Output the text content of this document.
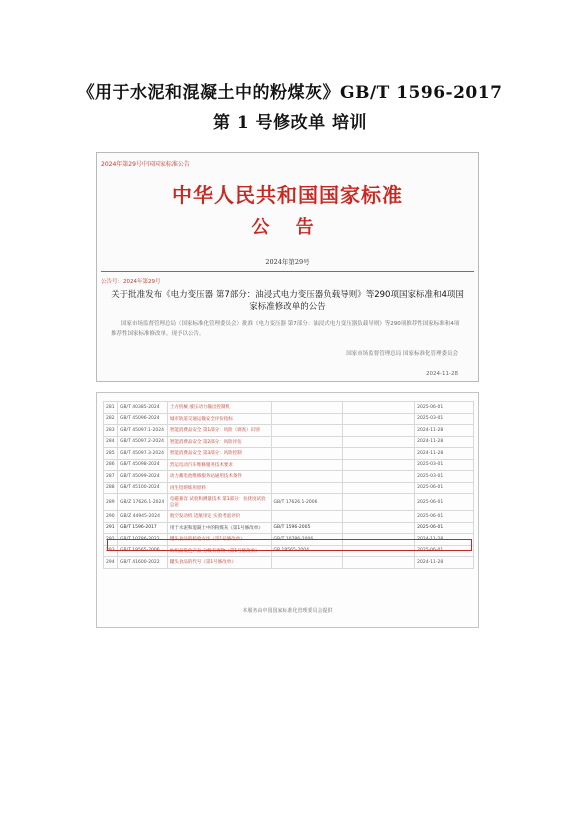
《用于水泥和混凝土中的粉煤灰》GB/T 1596-2017
第 1 号修改单 培训
2024年第29号中国国家标准公告
中华人民共和国国家标准
公 告
2024年第29号
公告号：2024年第29号
关于批准发布《电力变压器 第7部分：油浸式电力变压器负载导则》等290项国家标准和4项国家标准修改单的公告
国家市场监督管理总局（国家标准化管理委员会）批准《电力变压器 第7部分：油浸式电力变压器负载导则》等290项推荐性国家标准和4项推荐性国家标准修改单，现予以公告。
国家市场监督管理总局 国家标准化管理委员会
2024-11-28
281	GB/T 40385-2024	土方机械 液压动力输出控制机			2025-06-01
282	GB/T 45096-2024	城市轨道交通运输安全评价指标			2025-03-01
283	GB/T 45097.1-2024	智能消费品安全 第1部分：风险（调查）识别			2024-11-28
284	GB/T 45097.2-2024	智能消费品安全 第2部分：风险评估			2024-11-28
285	GB/T 45097.3-2024	智能消费品安全 第3部分：风险控制			2024-11-28
286	GB/T 45098-2024	营运电动汽车维修服务技术要求			2025-03-01
287	GB/T 45099-2024	动力蓄电池维修服务站通用技术条件			2025-03-01
288	GB/T 45100-2024	再生铝熔炼用原料			2025-06-01
289	GB/Z 17626.1-2024	电磁兼容 试验和测量技术 第1部分：抗扰度试验总论	GB/T 17626.1-2006		2025-06-01
290	GB/Z 44945-2024	航空发动机 适航审定 实验考虑评价			2025-06-01
291	GB/T 1596-2017	用于水泥和混凝土中的粉煤灰《第1号修改单》	GB/T 1596-2005		2025-06-01
292	GB/T 10786-2022	罐头食品的检验方法《第1号修改单》	GB/T 10786-2006		2024-11-28
293	GB/T 19565-2006	纺织品染色产品 分级有害物《第1号修改单》	GB 19565-2004		2025-06-01
294	GB/T 41600-2022	罐头食品的代号《第1号修改单》			2024-11-28
本服务由中国国家标准化管理委员会提供
